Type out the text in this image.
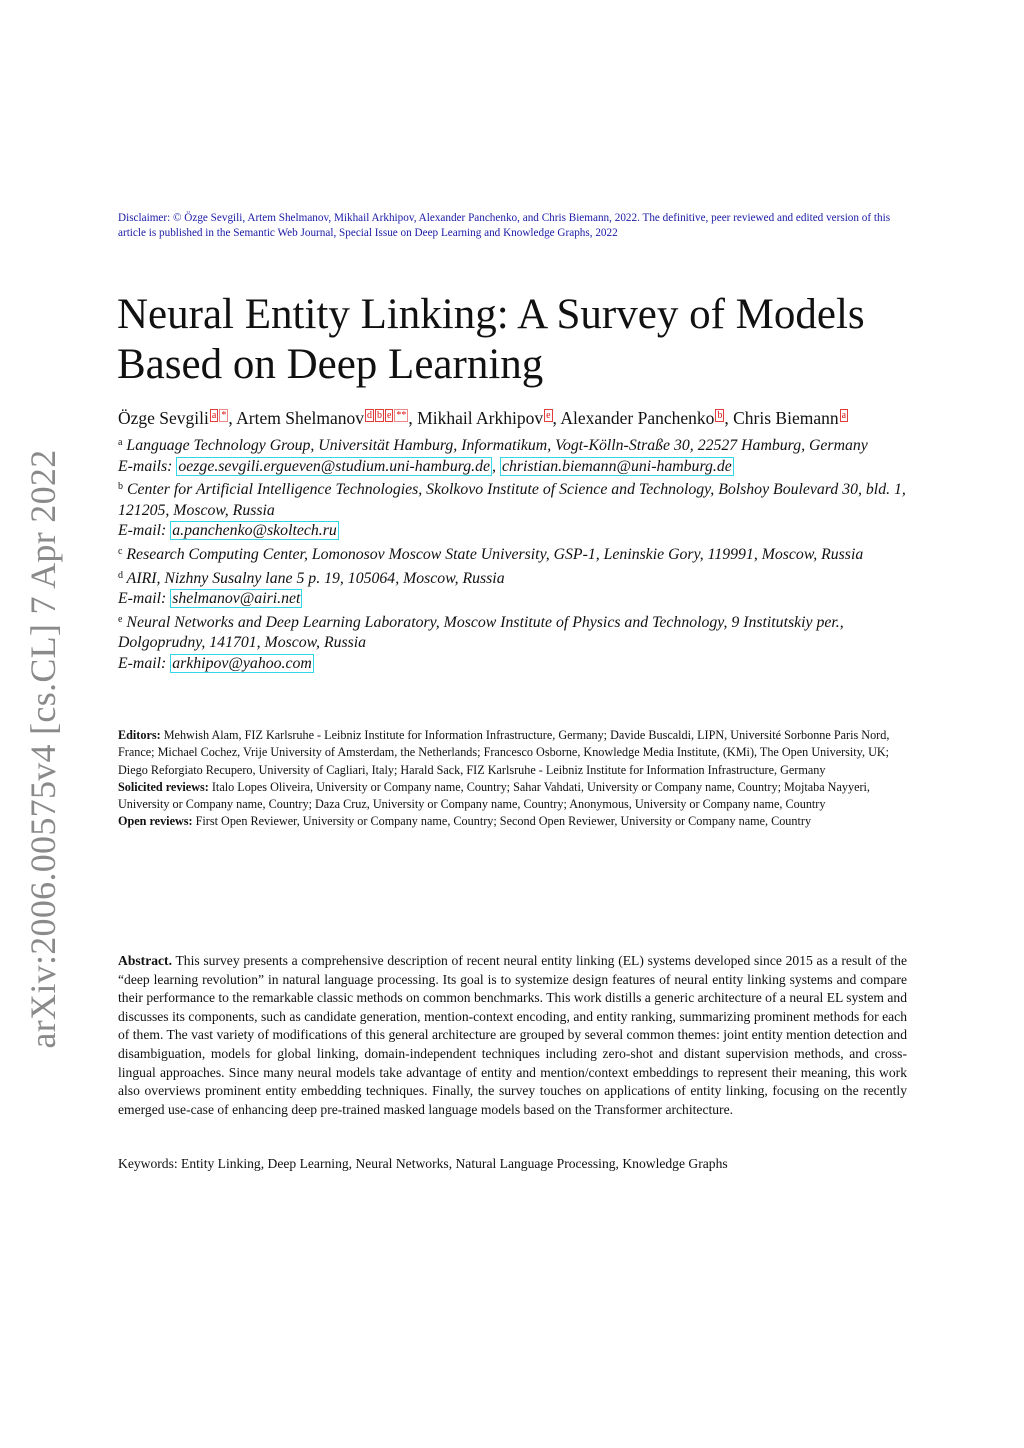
arXiv:2006.00575v4 [cs.CL] 7 Apr 2022
Disclaimer: © Özge Sevgili, Artem Shelmanov, Mikhail Arkhipov, Alexander Panchenko, and Chris Biemann, 2022. The definitive, peer reviewed and edited version of this article is published in the Semantic Web Journal, Special Issue on Deep Learning and Knowledge Graphs, 2022
Neural Entity Linking: A Survey of Models Based on Deep Learning
Özge Sevgili a * , Artem Shelmanov d b e ** , Mikhail Arkhipov e , Alexander Panchenko b , Chris Biemann a

$^a$ Language Technology Group, Universität Hamburg, Informatikum, Vogt-Kölln-Straße 30, 22527 Hamburg, Germany

E-mails: oezge.sevgili.ergueven@studium.uni-hamburg.de , christian.biemann@uni-hamburg.de

$^b$ Center for Artificial Intelligence Technologies, Skolkovo Institute of Science and Technology, Bolshoy Boulevard 30, bld. 1, 121205, Moscow, Russia

E-mail: a.panchenko@skoltech.ru

$^c$ Research Computing Center, Lomonosov Moscow State University, GSP-1, Leninskie Gory, 119991, Moscow, Russia

$^d$ AIRI, Nizhny Susalny lane 5 p. 19, 105064, Moscow, Russia

E-mail: shelmanov@airi.net

$^e$ Neural Networks and Deep Learning Laboratory, Moscow Institute of Physics and Technology, 9 Institutskiy per., Dolgoprudny, 141701, Moscow, Russia

E-mail: arkhipov@yahoo.com

Editors: Mehwish Alam, FIZ Karlsruhe - Leibniz Institute for Information Infrastructure, Germany; Davide Buscaldi, LIPN, Université Sorbonne Paris Nord, France; Michael Cochez, Vrije University of Amsterdam, the Netherlands; Francesco Osborne, Knowledge Media Institute, (KMi), The Open University, UK; Diego Reforgiato Recupero, University of Cagliari, Italy; Harald Sack, FIZ Karlsruhe - Leibniz Institute for Information Infrastructure, Germany

Solicited reviews: Italo Lopes Oliveira, University or Company name, Country; Sahar Vahdati, University or Company name, Country; Mojtaba Nayyeri, University or Company name, Country; Daza Cruz, University or Company name, Country; Anonymous, University or Company name, Country

Open reviews: First Open Reviewer, University or Company name, Country; Second Open Reviewer, University or Company name, Country

Abstract. This survey presents a comprehensive description of recent neural entity linking (EL) systems developed since 2015 as a result of the “deep learning revolution” in natural language processing. Its goal is to systemize design features of neural entity linking systems and compare their performance to the remarkable classic methods on common benchmarks. This work distills a generic architecture of a neural EL system and discusses its components, such as candidate generation, mention-context encoding, and entity ranking, summarizing prominent methods for each of them. The vast variety of modifications of this general architecture are grouped by several common themes: joint entity mention detection and disambiguation, models for global linking, domain-independent techniques including zero-shot and distant supervision methods, and cross-lingual approaches. Since many neural models take advantage of entity and mention/context embeddings to represent their meaning, this work also overviews prominent entity embedding techniques. Finally, the survey touches on applications of entity linking, focusing on the recently emerged use-case of enhancing deep pre-trained masked language models based on the Transformer architecture.

Keywords: Entity Linking, Deep Learning, Neural Networks, Natural Language Processing, Knowledge Graphs
